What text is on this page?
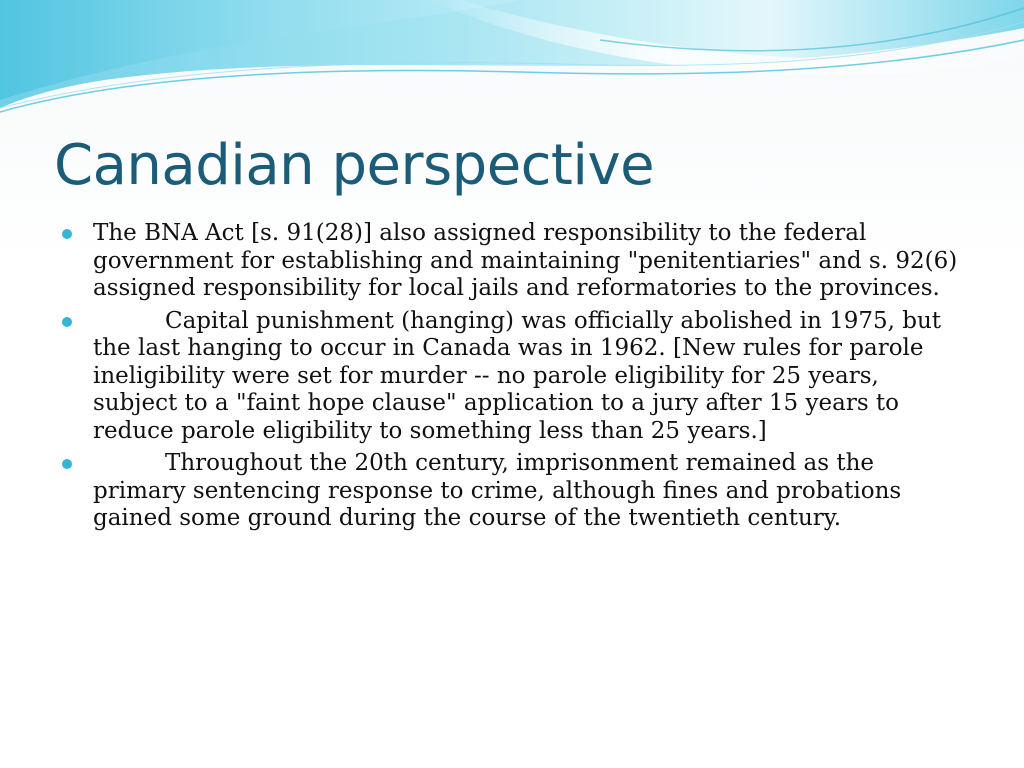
Canadian perspective
The BNA Act [s. 91(28)] also assigned responsibility to the federal government for establishing and maintaining "penitentiaries" and s. 92(6) assigned responsibility for local jails and reformatories to the provinces.
Capital punishment (hanging) was officially abolished in 1975, but the last hanging to occur in Canada was in 1962. [New rules for parole ineligibility were set for murder -- no parole eligibility for 25 years, subject to a "faint hope clause" application to a jury after 15 years to reduce parole eligibility to something less than 25 years.]
Throughout the 20th century, imprisonment remained as the primary sentencing response to crime, although fines and probations gained some ground during the course of the twentieth century.
